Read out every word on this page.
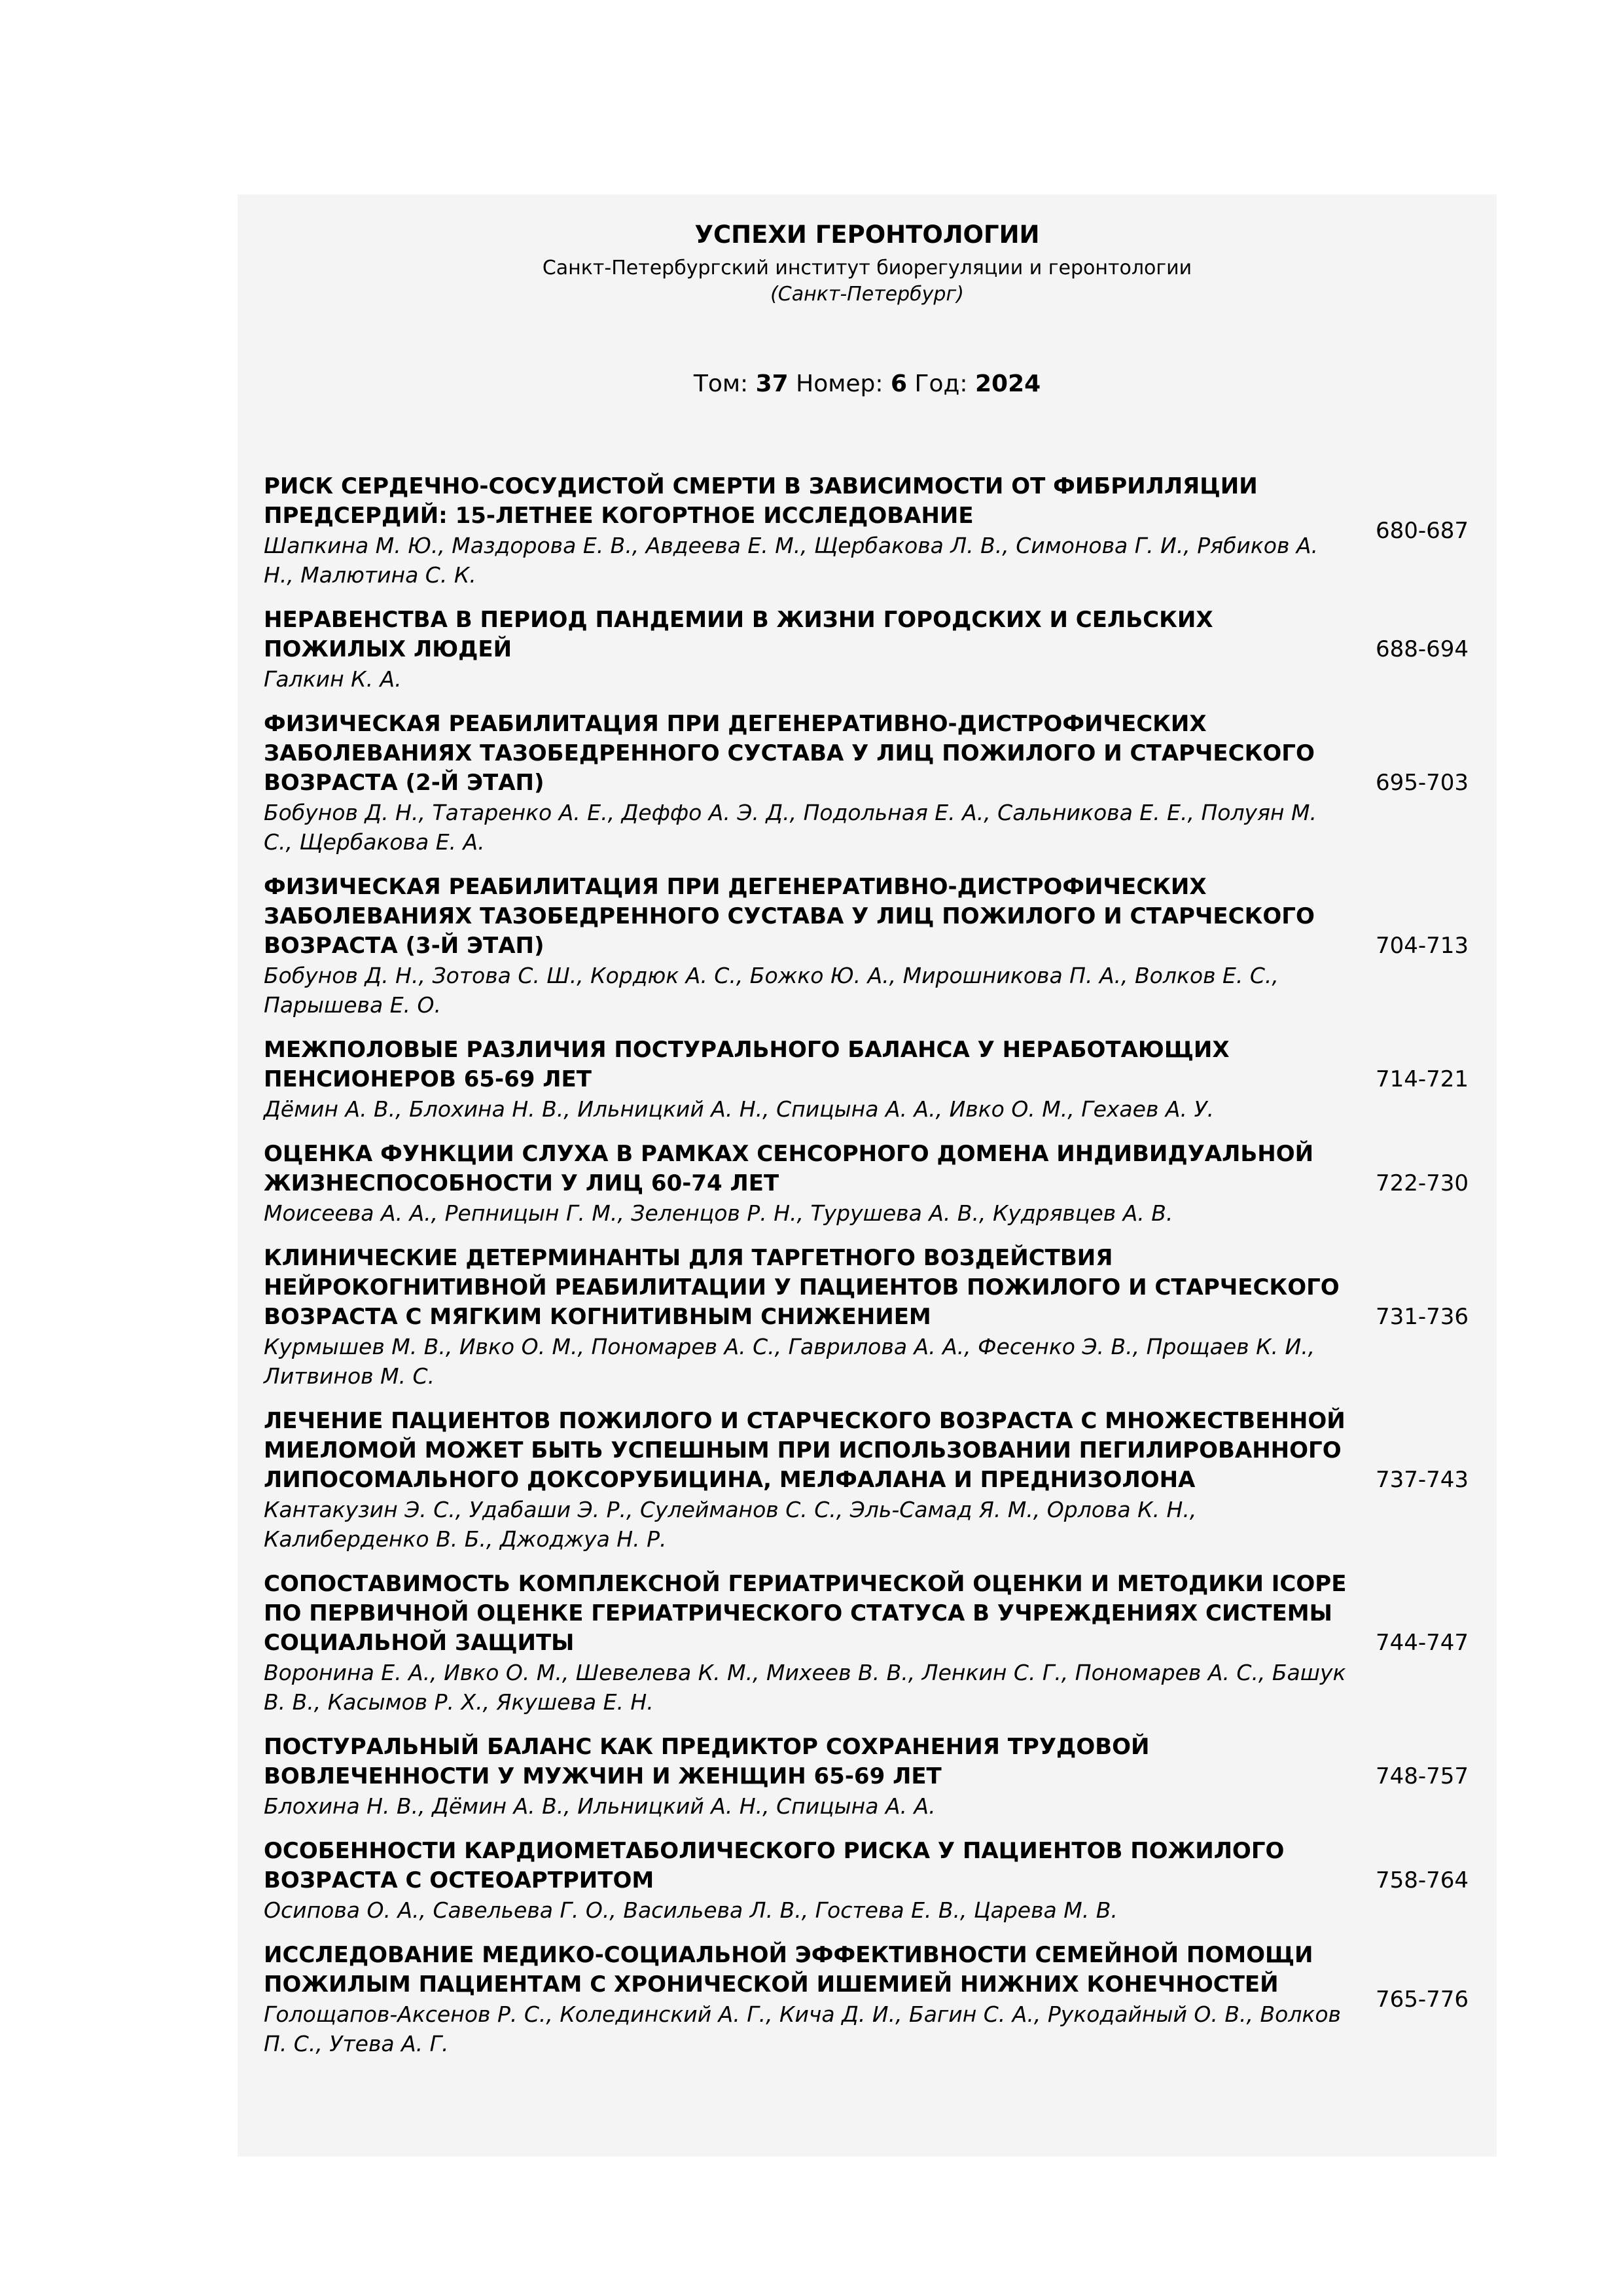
УСПЕХИ ГЕРОНТОЛОГИИ
Санкт-Петербургский институт биорегуляции и геронтологии
(Санкт-Петербург)
Том: 37 Номер: 6 Год: 2024
РИСК СЕРДЕЧНО-СОСУДИСТОЙ СМЕРТИ В ЗАВИСИМОСТИ ОТ ФИБРИЛЛЯЦИИ ПРЕДСЕРДИЙ: 15-ЛЕТНЕЕ КОГОРТНОЕ ИССЛЕДОВАНИЕ
Шапкина М. Ю., Маздорова Е. В., Авдеева Е. М., Щербакова Л. В., Симонова Г. И., Рябиков А. Н., Малютина С. К.
680-687
НЕРАВЕНСТВА В ПЕРИОД ПАНДЕМИИ В ЖИЗНИ ГОРОДСКИХ И СЕЛЬСКИХ ПОЖИЛЫХ ЛЮДЕЙ
Галкин К. А.
688-694
ФИЗИЧЕСКАЯ РЕАБИЛИТАЦИЯ ПРИ ДЕГЕНЕРАТИВНО-ДИСТРОФИЧЕСКИХ ЗАБОЛЕВАНИЯХ ТАЗОБЕДРЕННОГО СУСТАВА У ЛИЦ ПОЖИЛОГО И СТАРЧЕСКОГО ВОЗРАСТА (2-Й ЭТАП)
Бобунов Д. Н., Татаренко А. Е., Деффо А. Э. Д., Подольная Е. А., Сальникова Е. Е., Полуян М. С., Щербакова Е. А.
695-703
ФИЗИЧЕСКАЯ РЕАБИЛИТАЦИЯ ПРИ ДЕГЕНЕРАТИВНО-ДИСТРОФИЧЕСКИХ ЗАБОЛЕВАНИЯХ ТАЗОБЕДРЕННОГО СУСТАВА У ЛИЦ ПОЖИЛОГО И СТАРЧЕСКОГО ВОЗРАСТА (3-Й ЭТАП)
Бобунов Д. Н., Зотова С. Ш., Кордюк А. С., Божко Ю. А., Мирошникова П. А., Волков Е. С., Парышева Е. О.
704-713
МЕЖПОЛОВЫЕ РАЗЛИЧИЯ ПОСТУРАЛЬНОГО БАЛАНСА У НЕРАБОТАЮЩИХ ПЕНСИОНЕРОВ 65-69 ЛЕТ
Дёмин А. В., Блохина Н. В., Ильницкий А. Н., Спицына А. А., Ивко О. М., Гехаев А. У.
714-721
ОЦЕНКА ФУНКЦИИ СЛУХА В РАМКАХ СЕНСОРНОГО ДОМЕНА ИНДИВИДУАЛЬНОЙ ЖИЗНЕСПОСОБНОСТИ У ЛИЦ 60-74 ЛЕТ
Моисеева А. А., Репницын Г. М., Зеленцов Р. Н., Турушева А. В., Кудрявцев А. В.
722-730
КЛИНИЧЕСКИЕ ДЕТЕРМИНАНТЫ ДЛЯ ТАРГЕТНОГО ВОЗДЕЙСТВИЯ НЕЙРОКОГНИТИВНОЙ РЕАБИЛИТАЦИИ У ПАЦИЕНТОВ ПОЖИЛОГО И СТАРЧЕСКОГО ВОЗРАСТА С МЯГКИМ КОГНИТИВНЫМ СНИЖЕНИЕМ
Курмышев М. В., Ивко О. М., Пономарев А. С., Гаврилова А. А., Фесенко Э. В., Прощаев К. И., Литвинов М. С.
731-736
ЛЕЧЕНИЕ ПАЦИЕНТОВ ПОЖИЛОГО И СТАРЧЕСКОГО ВОЗРАСТА С МНОЖЕСТВЕННОЙ МИЕЛОМОЙ МОЖЕТ БЫТЬ УСПЕШНЫМ ПРИ ИСПОЛЬЗОВАНИИ ПЕГИЛИРОВАННОГО ЛИПОСОМАЛЬНОГО ДОКСОРУБИЦИНА, МЕЛФАЛАНА И ПРЕДНИЗОЛОНА
Кантакузин Э. С., Удабаши Э. Р., Сулейманов С. С., Эль-Самад Я. М., Орлова К. Н., Калиберденко В. Б., Джоджуа Н. Р.
737-743
СОПОСТАВИМОСТЬ КОМПЛЕКСНОЙ ГЕРИАТРИЧЕСКОЙ ОЦЕНКИ И МЕТОДИКИ ICOPE ПО ПЕРВИЧНОЙ ОЦЕНКЕ ГЕРИАТРИЧЕСКОГО СТАТУСА В УЧРЕЖДЕНИЯХ СИСТЕМЫ СОЦИАЛЬНОЙ ЗАЩИТЫ
Воронина Е. А., Ивко О. М., Шевелева К. М., Михеев В. В., Ленкин С. Г., Пономарев А. С., Башук В. В., Касымов Р. Х., Якушева Е. Н.
744-747
ПОСТУРАЛЬНЫЙ БАЛАНС КАК ПРЕДИКТОР СОХРАНЕНИЯ ТРУДОВОЙ ВОВЛЕЧЕННОСТИ У МУЖЧИН И ЖЕНЩИН 65-69 ЛЕТ
Блохина Н. В., Дёмин А. В., Ильницкий А. Н., Спицына А. А.
748-757
ОСОБЕННОСТИ КАРДИОМЕТАБОЛИЧЕСКОГО РИСКА У ПАЦИЕНТОВ ПОЖИЛОГО ВОЗРАСТА С ОСТЕОАРТРИТОМ
Осипова О. А., Савельева Г. О., Васильева Л. В., Гостева Е. В., Царева М. В.
758-764
ИССЛЕДОВАНИЕ МЕДИКО-СОЦИАЛЬНОЙ ЭФФЕКТИВНОСТИ СЕМЕЙНОЙ ПОМОЩИ ПОЖИЛЫМ ПАЦИЕНТАМ С ХРОНИЧЕСКОЙ ИШЕМИЕЙ НИЖНИХ КОНЕЧНОСТЕЙ
Голощапов-Аксенов Р. С., Колединский А. Г., Кича Д. И., Багин С. А., Рукодайный О. В., Волков П. С., Утева А. Г.
765-776
